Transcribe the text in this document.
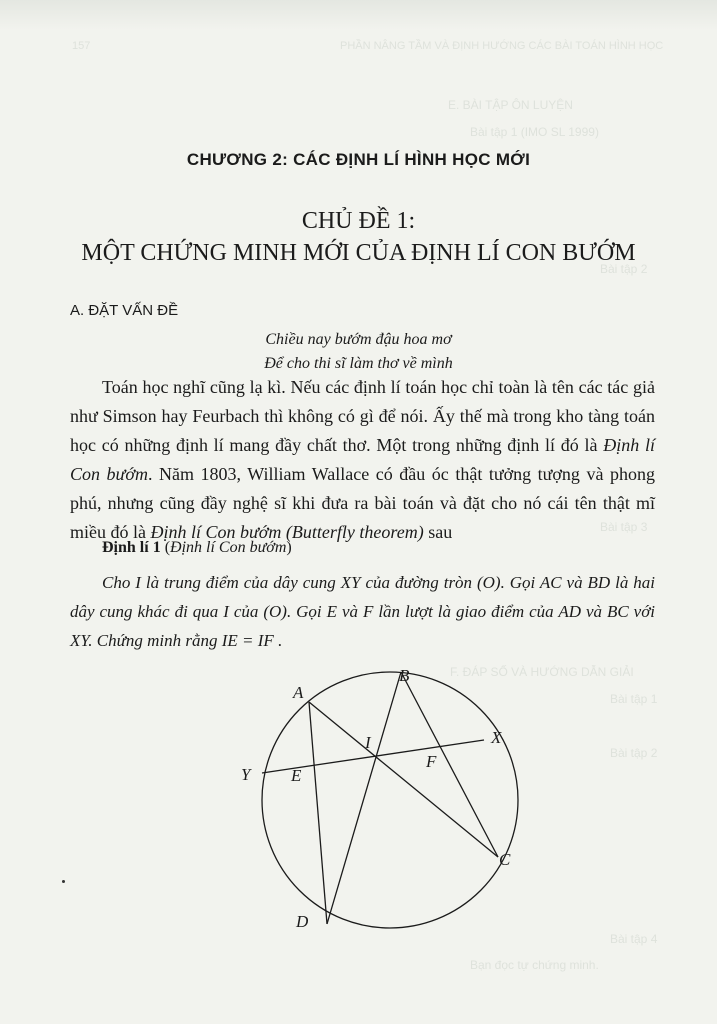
PHẦN NÂNG TẦM VÀ ĐỊNH HƯỚNG CÁC BÀI TOÁN HÌNH HỌC
157
E. BÀI TẬP ÔN LUYỆN
Bài tập 1 (IMO SL 1999)
Bài tập 2
Bài tập 3
F. ĐÁP SỐ VÀ HƯỚNG DẪN GIẢI
Bài tập 1
Bài tập 2
Bài tập 4
Bạn đọc tự chứng minh.
CHƯƠNG 2: CÁC ĐỊNH LÍ HÌNH HỌC MỚI
CHỦ ĐỀ 1:
MỘT CHỨNG MINH MỚI CỦA ĐỊNH LÍ CON BƯỚM
A. ĐẶT VẤN ĐỀ
Chiều nay bướm đậu hoa mơ
Để cho thi sĩ làm thơ về mình
Toán học nghĩ cũng lạ kì. Nếu các định lí toán học chỉ toàn là tên các tác giả như Simson hay Feurbach thì không có gì để nói. Ấy thế mà trong kho tàng toán học có những định lí mang đầy chất thơ. Một trong những định lí đó là Định lí Con bướm. Năm 1803, William Wallace có đầu óc thật tưởng tượng và phong phú, nhưng cũng đầy nghệ sĩ khi đưa ra bài toán và đặt cho nó cái tên thật mĩ miều đó là Định lí Con bướm (Butterfly theorem) sau
Định lí 1 (Định lí Con bướm)
Cho I là trung điểm của dây cung XY của đường tròn (O). Gọi AC và BD là hai dây cung khác đi qua I của (O). Gọi E và F lần lượt là giao điểm của AD và BC với XY. Chứng minh rằng IE = IF .
A
B
C
D
E
F
I	X
Y
